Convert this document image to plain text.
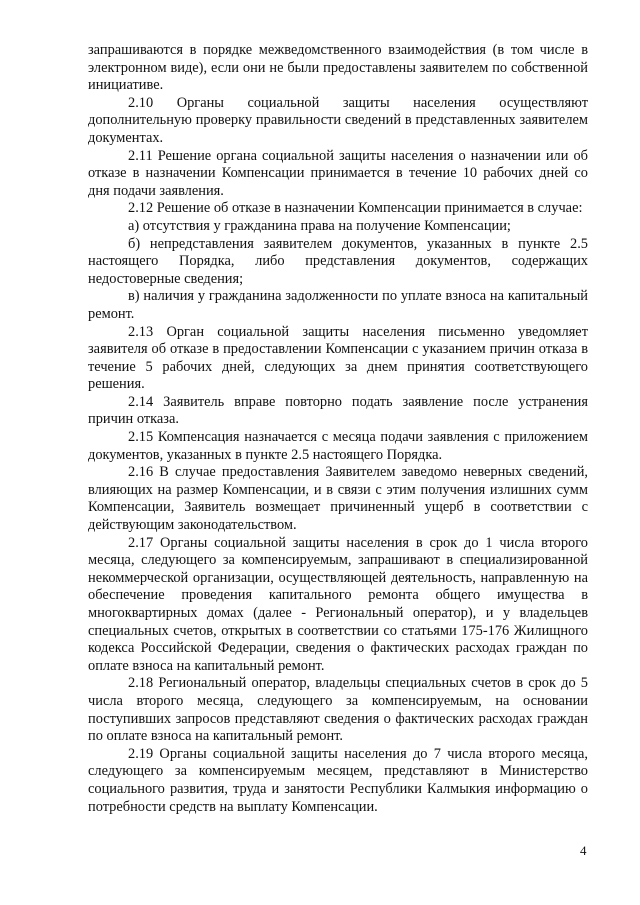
запрашиваются в порядке межведомственного взаимодействия (в том числе в электронном виде), если они не были предоставлены заявителем по собственной инициативе.

2.10 Органы социальной защиты населения осуществляют дополнительную проверку правильности сведений в представленных заявителем документах.

2.11 Решение органа социальной защиты населения о назначении или об отказе в назначении Компенсации принимается в течение 10 рабочих дней со дня подачи заявления.

2.12 Решение об отказе в назначении Компенсации принимается в случае:

а) отсутствия у гражданина права на получение Компенсации;

б) непредставления заявителем документов, указанных в пункте 2.5 настоящего Порядка, либо представления документов, содержащих недостоверные сведения;

в) наличия у гражданина задолженности по уплате взноса на капитальный ремонт.

2.13 Орган социальной защиты населения письменно уведомляет заявителя об отказе в предоставлении Компенсации с указанием причин отказа в течение 5 рабочих дней, следующих за днем принятия соответствующего решения.

2.14 Заявитель вправе повторно подать заявление после устранения причин отказа.

2.15 Компенсация назначается с месяца подачи заявления с приложением документов, указанных в пункте 2.5 настоящего Порядка.

2.16 В случае предоставления Заявителем заведомо неверных сведений, влияющих на размер Компенсации, и в связи с этим получения излишних сумм Компенсации, Заявитель возмещает причиненный ущерб в соответствии с действующим законодательством.

2.17 Органы социальной защиты населения в срок до 1 числа второго месяца, следующего за компенсируемым, запрашивают в специализированной некоммерческой организации, осуществляющей деятельность, направленную на обеспечение проведения капитального ремонта общего имущества в многоквартирных домах (далее - Региональный оператор), и у владельцев специальных счетов, открытых в соответствии со статьями 175-176 Жилищного кодекса Российской Федерации, сведения о фактических расходах граждан по оплате взноса на капитальный ремонт.

2.18 Региональный оператор, владельцы специальных счетов в срок до 5 числа второго месяца, следующего за компенсируемым, на основании поступивших запросов представляют сведения о фактических расходах граждан по оплате взноса на капитальный ремонт.

2.19 Органы социальной защиты населения до 7 числа второго месяца, следующего за компенсируемым месяцем, представляют в Министерство социального развития, труда и занятости Республики Калмыкия информацию о потребности средств на выплату Компенсации.

4
